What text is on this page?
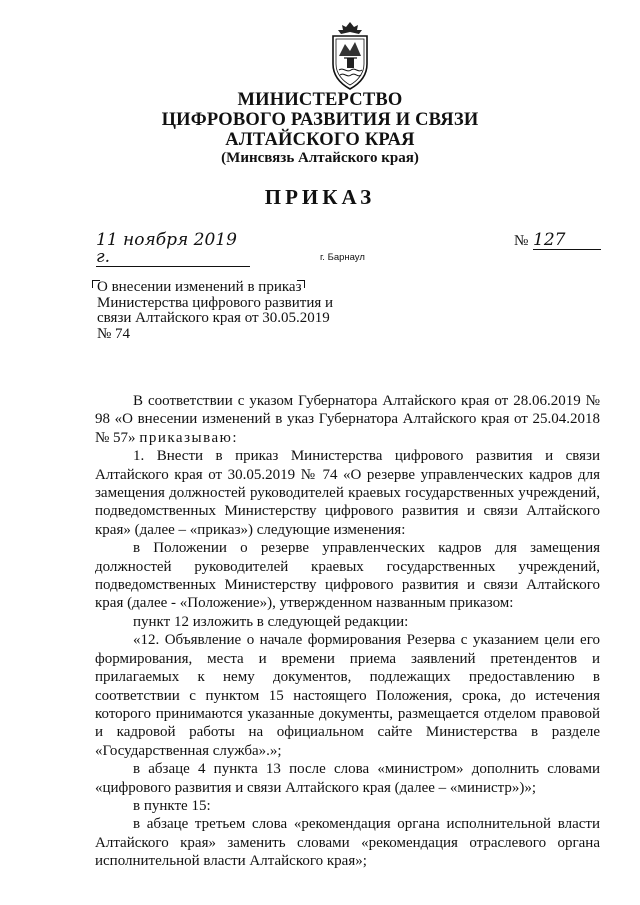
МИНИСТЕРСТВО
ЦИФРОВОГО РАЗВИТИЯ И СВЯЗИ
АЛТАЙСКОГО КРАЯ
(Минсвязь Алтайского края)
ПРИКАЗ
11 ноября 2019 г.
№ 127
г. Барнаул
О внесении изменений в приказ
Министерства цифрового развития и
связи Алтайского края от 30.05.2019
№ 74

В соответствии с указом Губернатора Алтайского края от 28.06.2019 № 98 «О внесении изменений в указ Губернатора Алтайского края от 25.04.2018 № 57» приказываю:

1. Внести в приказ Министерства цифрового развития и связи Алтайского края от 30.05.2019 № 74 «О резерве управленческих кадров для замещения должностей руководителей краевых государственных учреждений, подведомственных Министерству цифрового развития и связи Алтайского края» (далее – «приказ») следующие изменения:

в Положении о резерве управленческих кадров для замещения должностей руководителей краевых государственных учреждений, подведомственных Министерству цифрового развития и связи Алтайского края (далее - «Положение»), утвержденном названным приказом:

пункт 12 изложить в следующей редакции:

«12. Объявление о начале формирования Резерва с указанием цели его формирования, места и времени приема заявлений претендентов и прилагаемых к нему документов, подлежащих предоставлению в соответствии с пунктом 15 настоящего Положения, срока, до истечения которого принимаются указанные документы, размещается отделом правовой и кадровой работы на официальном сайте Министерства в разделе «Государственная служба».»;

в абзаце 4 пункта 13 после слова «министром» дополнить словами «цифрового развития и связи Алтайского края (далее – «министр»)»;

в пункте 15:

в абзаце третьем слова «рекомендация органа исполнительной власти Алтайского края» заменить словами «рекомендация отраслевого органа исполнительной власти Алтайского края»;
